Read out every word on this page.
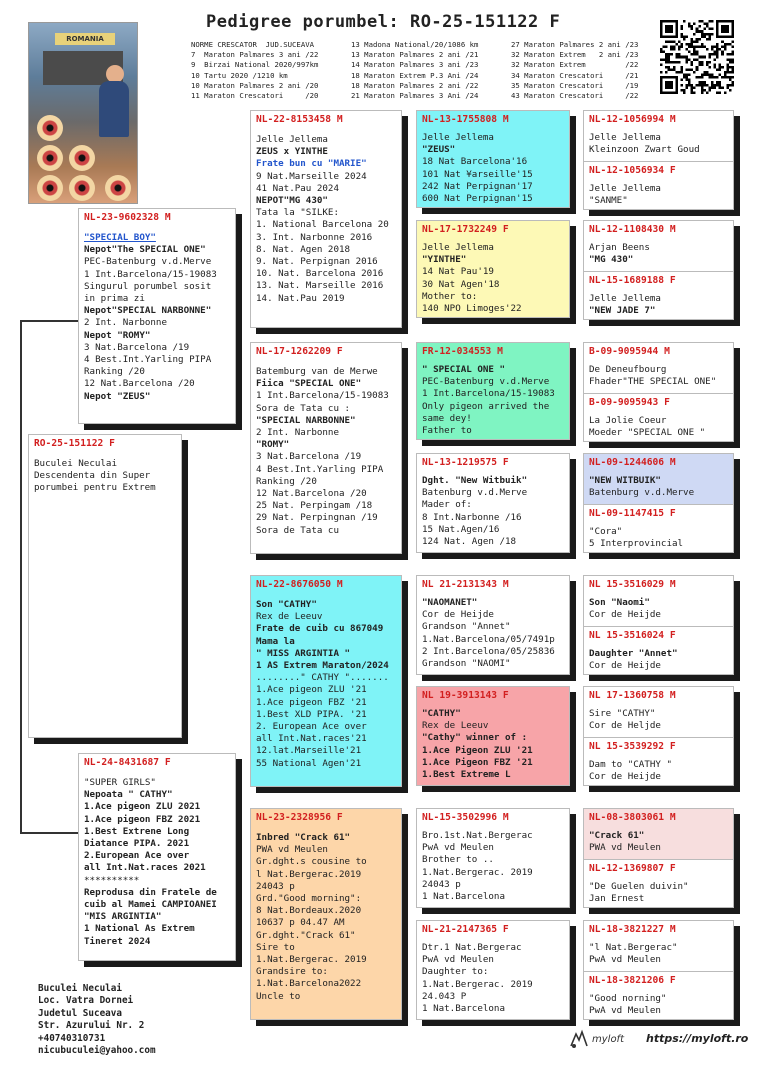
Pedigree porumbel: RO-25-151122 F
ROMANIA

NORME CRESCATOR  JUD.SUCEAVA
7  Maraton Palmares 3 ani /22
9  Birzai National 2020/997km
10 Tartu 2020 /1210 km
10 Maraton Palmares 2 ani /20
11 Maraton Crescatori     /20

13 Madona National/20/1086 km
13 Maraton Palmares 2 ani /21
14 Maraton Palmares 3 ani /23
18 Maraton Extrem P.3 Ani /24
18 Maraton Palmares 2 ani /22
21 Maraton Palmares 3 Ani /24

27 Maraton Palmares 2 ani /23
32 Maraton Extrem   2 ani /23
32 Maraton Extrem         /22
34 Maraton Crescatori     /21
35 Maraton Crescatori     /19
43 Maraton Crescatori     /22

RO-25-151122 F
Buculei Neculai
Descendenta din Super
porumbei pentru Extrem
NL-23-9602328 M
"SPECIAL BOY"
Nepot"The SPECIAL ONE"
PEC-Batenburg v.d.Merve
1 Int.Barcelona/15-19083
Singurul porumbel sosit
in prima zi
Nepot"SPECIAL NARBONNE"
2 Int. Narbonne
Nepot "ROMY"
3 Nat.Barcelona /19
4 Best.Int.Yarling PIPA
Ranking /20
12 Nat.Barcelona /20
Nepot "ZEUS"
NL-24-8431687 F
"SUPER GIRLS"
Nepoata " CATHY"
1.Ace pigeon ZLU 2021
1.Ace pigeon FBZ 2021
1.Best Extrene Long
Diatance PIPA. 2021
2.European Ace over
all Int.Nat.races 2021
**********
Reprodusa din Fratele de
cuib al Mamei CAMPIOANEI
"MIS ARGINTIA"
1 National As Extrem
Tineret 2024
NL-22-8153458 M
Jelle Jellema
ZEUS x YINTHE
Frate bun cu "MARIE"
9 Nat.Marseille 2024
41 Nat.Pau 2024
NEPOT"MG 430"
Tata la "SILKE:
1. National Barcelona 20
3. Int. Narbonne 2016
8. Nat. Agen 2018
9. Nat. Perpignan 2016
10. Nat. Barcelona 2016
13. Nat. Marseille 2016
14. Nat.Pau 2019
NL-17-1262209 F
Batemburg van de Merwe
Fiica "SPECIAL ONE"
1 Int.Barcelona/15-19083
Sora de Tata cu :
"SPECIAL NARBONNE"
2 Int. Narbonne
"ROMY"
3 Nat.Barcelona /19
4 Best.Int.Yarling PIPA
Ranking /20
12 Nat.Barcelona /20
25 Nat. Perpingam /18
29 Nat. Perpingnan /19
Sora de Tata cu
NL-22-8676050 M
Son "CATHY"
Rex de Leeuv
Frate de cuib cu 867049
Mama la
" MISS ARGINTIA "
1 AS Extrem Maraton/2024
........" CATHY ".......
1.Ace pigeon ZLU '21
1.Ace pigeon FBZ '21
1.Best XLD PIPA. '21
2. European Ace over
all Int.Nat.races'21
12.lat.Marseille'21
55 National Agen'21
NL-23-2328956 F
Inbred "Crack 61"
PWA vd Meulen
Gr.dght.s cousine to
l Nat.Bergerac.2019
24043 p
Grd."Good morning":
8 Nat.Bordeaux.2020
10637 p 04.47 AM
Gr.dght."Crack 61"
Sire to
1.Nat.Bergerac. 2019
Grandsire to:
1.Nat.Barcelona2022
Uncle to
NL-13-1755808 M
Jelle Jellema
"ZEUS"
18 Nat Barcelona'16
101 Nat ¥arseille'15
242 Nat Perpignan'17
600 Nat Perpignan'15
NL-17-1732249 F
Jelle Jellema
"YINTHE"
14 Nat Pau'19
30 Nat Agen'18
Mother to:
140 NPO Limoges'22
FR-12-034553 M
" SPECIAL ONE "
PEC-Batenburg v.d.Merve
1 Int.Barcelona/15-19083
Only pigeon arrived the
same dey!
Father to
NL-13-1219575 F
Dght. "New Witbuik"
Batenburg v.d.Merve
Mader of:
8 Int.Narbonne /16
15 Nat.Agen/16
124 Nat. Agen /18
NL 21-2131343 M
"NAOMANET"
Cor de Heijde
Grandson "Annet"
1.Nat.Barcelona/05/7491p
2 Int.Barcelona/05/25836
Grandson "NAOMI"
NL 19-3913143 F
"CATHY"
Rex de Leeuv
"Cathy" winner of :
1.Ace Pigeon ZLU '21
1.Ace Pigeon FBZ '21
1.Best Extreme L
NL-15-3502996 M
Bro.1st.Nat.Bergerac
PwA vd Meulen
Brother to ..
1.Nat.Bergerac. 2019
24043 p
1 Nat.Barcelona
NL-21-2147365 F
Dtr.1 Nat.Bergerac
PwA vd Meulen
Daughter to:
1.Nat.Bergerac. 2019
24.043 P
1 Nat.Barcelona
NL-12-1056994 M
Jelle Jellema
Kleinzoon Zwart Goud
NL-12-1056934 F
Jelle Jellema
"SANME"
NL-12-1108430 M
Arjan Beens
"MG 430"
NL-15-1689188 F
Jelle Jellema
"NEW JADE 7"
B-09-9095944 M
De Deneufbourg
Fhader"THE SPECIAL ONE"
B-09-9095943 F
La Jolie Coeur
Moeder "SPECIAL ONE "
NL-09-1244606 M
"NEW WITBUIK"
Batenburg v.d.Merve
NL-09-1147415 F
"Cora"
5 Interprovincial
NL 15-3516029 M
Son "Naomi"
Cor de Heijde
NL 15-3516024 F
Daughter "Annet"
Cor de Heijde
NL 17-1360758 M
Sire "CATHY"
Cor de Heljde
NL 15-3539292 F
Dam to "CATHY "
Cor de Heijde
NL-08-3803061 M
"Crack 61"
PWA vd Meulen
NL-12-1369807 F
"De Guelen duivin"
Jan Ernest
NL-18-3821227 M
"l Nat.Bergerac"
PwA vd Meulen
NL-18-3821206 F
"Good norning"
PwA vd Meulen
Buculei Neculai
Loc. Vatra Dornei
Judetul Suceava
Str. Azurului Nr. 2
+40740310731
nicubuculei@yahoo.com
myloft https://myloft.ro
